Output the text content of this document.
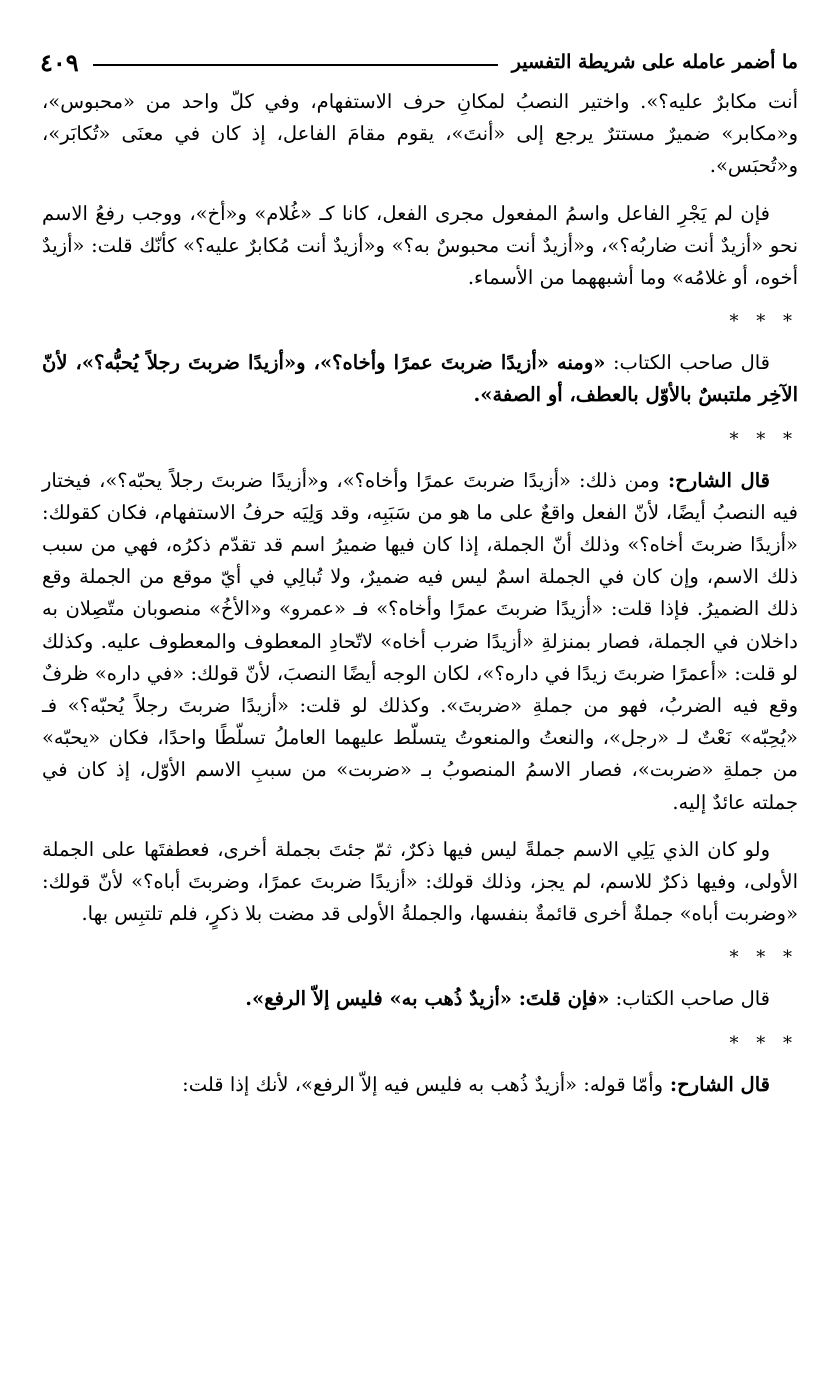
ما أضمر عامله على شريطة التفسير
٤٠٩

أنت مكابرٌ عليه؟». واختير النصبُ لمكانِ حرف الاستفهام، وفي كلّ واحد من «محبوس»، و«مكابر» ضميرٌ مستترٌ يرجع إلى «أنتَ»، يقوم مقامَ الفاعل، إذ كان في معنَى «تُكابَر»، و«تُحبَس».

فإن لم يَجْرِ الفاعل واسمُ المفعول مجرى الفعل، كانا كـ «غُلام» و«أخ»، ووجب رفعُ الاسم نحو «أزيدٌ أنت ضاربُه؟»، و«أزيدٌ أنت محبوسٌ به؟» و«أزيدٌ أنت مُكابرٌ عليه؟» كأنّك قلت: «أزيدٌ أخوه، أو غلامُه» وما أشبههما من الأسماء.

* * *

قال صاحب الكتاب: «ومنه «أزيدًا ضربتَ عمرًا وأخاه؟»، و«أزيدًا ضربتَ رجلاً يُحبُّه؟»، لأنّ الآخِر ملتبسٌ بالأوّل بالعطف، أو الصفة».

* * *

قال الشارح: ومن ذلك: «أزيدًا ضربتَ عمرًا وأخاه؟»، و«أزيدًا ضربتَ رجلاً يحبّه؟»، فيختار فيه النصبُ أيضًا، لأنّ الفعل واقعٌ على ما هو من سَبَبِه، وقد وَلِيَه حرفُ الاستفهام، فكان كقولك: «أزيدًا ضربتَ أخاه؟» وذلك أنّ الجملة، إذا كان فيها ضميرُ اسم قد تقدّم ذكرُه، فهي من سبب ذلك الاسم، وإن كان في الجملة اسمٌ ليس فيه ضميرٌ، ولا تُبالِي في أيّ موقع من الجملة وقع ذلك الضميرُ. فإذا قلت: «أزيدًا ضربتَ عمرًا وأخاه؟» فـ «عمرو» و«الأخُ» منصوبان متّصِلان به داخلان في الجملة، فصار بمنزلةِ «أزيدًا ضرب أخاه» لاتّحادِ المعطوف والمعطوف عليه. وكذلك لو قلت: «أعمرًا ضربتَ زيدًا في داره؟»، لكان الوجه أيضًا النصبَ، لأنّ قولك: «في داره» ظرفٌ وقع فيه الضربُ، فهو من جملةِ «ضربتَ». وكذلك لو قلت: «أزيدًا ضربتَ رجلاً يُحبّه؟» فـ «يُحِبّه» نَعْتٌ لـ «رجل»، والنعتُ والمنعوتُ يتسلّط عليهما العاملُ تسلّطًا واحدًا، فكان «يحبّه» من جملةِ «ضربت»، فصار الاسمُ المنصوبُ بـ «ضربت» من سببِ الاسم الأوّل، إذ كان في جملته عائدٌ إليه.

ولو كان الذي يَلِي الاسم جملةً ليس فيها ذكرٌ، ثمّ جئتَ بجملة أخرى، فعطفتَها على الجملة الأولى، وفيها ذكرٌ للاسم، لم يجز، وذلك قولك: «أزيدًا ضربتَ عمرًا، وضربتَ أباه؟» لأنّ قولك: «وضربت أباه» جملةٌ أخرى قائمةٌ بنفسها، والجملةُ الأولى قد مضت بلا ذكرٍ، فلم تلتبِس بها.

* * *

قال صاحب الكتاب: «فإن قلتَ: «أزيدٌ ذُهب به» فليس إلاّ الرفع».

* * *

قال الشارح: وأمّا قوله: «أزيدٌ ذُهب به فليس فيه إلاّ الرفع»، لأنك إذا قلت:
